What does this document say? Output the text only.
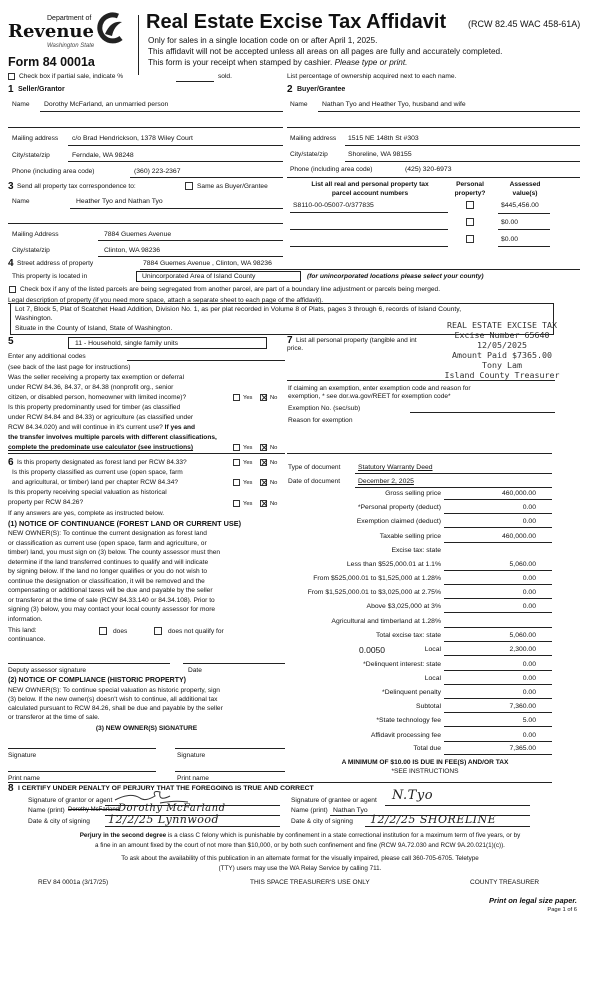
Department of
Revenue
Washington State
Form 84 0001a
Real Estate Excise Tax Affidavit (RCW 82.45 WAC 458-61A)
Only for sales in a single location code on or after April 1, 2025.
This affidavit will not be accepted unless all areas on all pages are fully and accurately completed.
This form is your receipt when stamped by cashier. Please type or print.
Check box if partial sale, indicate %	sold.	List percentage of ownership acquired next to each name.
1 Seller/Grantor
Name Dorothy McFarland, an unmarried person
Mailing address c/o Brad Hendrickson, 1378 Wiley Court
City/state/zip	Ferndale, WA 98248
Phone (including area code)	(360) 223-2367
2 Buyer/Grantee
Name Nathan Tyo and Heather Tyo, husband and wife
Mailing address 1515 NE 148th St #303
City/state/zip	Shoreline, WA 98155
Phone (including area code)	(425) 320-6973
3 Send all property tax correspondence to:	Same as Buyer/Grantee
Name	Heather Tyo and Nathan Tyo
Mailing Address	7884 Guemes Avenue
City/state/zip	Clinton, WA 98236
List all real and personal property tax
parcel account numbers
Personal
property?
Assessed
value(s)
S8110-00-05007-0/377835	$445,456.00
$0.00
$0.00
4 Street address of property	7884 Guemes Avenue , Clinton, WA 98236
This property is located in	Unincorporated Area of Island County	(for unincorporated locations please select your county)
Check box if any of the listed parcels are being segregated from another parcel, are part of a boundary line adjustment or parcels being merged.
Legal description of property (if you need more space, attach a separate sheet to each page of the affidavit).
Lot 7, Block 5, Plat of Scatchet Head Addition, Division No. 1, as per plat recorded in Volume 8 of Plats, pages 3 through 6, records of Island County,
Washington.
Situate in the County of Island, State of Washington.	REAL ESTATE EXCISE TAX
Excise Number 65640
12/05/2025
Amount Paid $7365.00
Tony Lam
Island County Treasurer
5	11 - Household, single family units
Enter any additional codes
(see back of the last page for instructions)
Was the seller receiving a property tax exemption or deferral
under RCW 84.36, 84.37, or 84.38 (nonprofit org., senior
citizen, or disabled person, homeowner with limited income)?	Yes	No
Is this property predominantly used for timber (as classified
under RCW 84.84 and 84.33) or agriculture (as classified under
RCW 84.34.020) and will continue in it's current use? If yes and
the transfer involves multiple parcels with different classifications,
complete the predominate use calculator (see instructions)	Yes	No
7 List all personal property (tangible and int
price.
If claiming an exemption, enter exemption code and reason for
exemption, * see dor.wa.gov/REET for exemption code*
Exemption No. (sec/sub)
Reason for exemption
6 Is this property designated as forest land per RCW 84.33?	Yes	No
Is this property classified as current use (open space, farm
and agricultural, or timber) land per chapter RCW 84.34?	Yes	No
Is this property receiving special valuation as historical
property per RCW 84.26?	Yes	No
If any answers are yes, complete as instructed below.
(1) NOTICE OF CONTINUANCE (FOREST LAND OR CURRENT USE)
NEW OWNER(S): To continue the current designation as forest land
or classification as current use (open space, farm and agriculture, or
timber) land, you must sign on (3) below. The county assessor must then
determine if the land transferred continues to qualify and will indicate
by signing below. If the land no longer qualifies or you do not wish to
continue the designation or classification, it will be removed and the
compensating or additional taxes will be due and payable by the seller
or transferor at the time of sale (RCW 84.33.140 or 84.34.108). Prior to
signing (3) below, you may contact your local county assessor for more
information.
This land:
continuance.
does	does not qualify for
Deputy assessor signature	Date
(2) NOTICE OF COMPLIANCE (HISTORIC PROPERTY)
NEW OWNER(S): To continue special valuation as historic property, sign
(3) below. If the new owner(s) doesn't wish to continue, all additional tax
calculated pursuant to RCW 84.26, shall be due and payable by the seller
or transferor at the time of sale.
(3) NEW OWNER(S) SIGNATURE
Signature	Signature
Print name	Print name
Type of document	Statutory Warranty Deed
Date of document	December 2, 2025
Gross selling price	460,000.00
*Personal property (deduct)	0.00
Exemption claimed (deduct)	0.00
Taxable selling price	460,000.00
Excise tax: state
Less than $525,000.01 at 1.1%	5,060.00
From $525,000.01 to $1,525,000 at 1.28%	0.00
From $1,525,000.01 to $3,025,000 at 2.75%	0.00
Above $3,025,000 at 3%	0.00
Agricultural and timberland at 1.28%
Total excise tax: state	5,060.00
Local	2,300.00
*Delinquent interest: state	0.00
Local	0.00
*Delinquent penalty	0.00
Subtotal	7,360.00
*State technology fee	5.00
Affidavit processing fee	0.00
Total due	7,365.00
0.0050
A MINIMUM OF $10.00 IS DUE IN FEE(S) AND/OR TAX
*SEE INSTRUCTIONS
8 I CERTIFY UNDER PENALTY OF PERJURY THAT THE FOREGOING IS TRUE AND CORRECT
Signature of grantor or agent
Name (print) Dorothy McFarland
Dorothy McFarland
Date & city of signing 12/2/25 Lynnwood
Signature of grantee or agent N.Tyo
Name (print) Nathan Tyo
Date & city of signing 12/2/25 SHORELINE
Perjury in the second degree is a class C felony which is punishable by confinement in a state correctional institution for a maximum term of five years, or by
a fine in an amount fixed by the court of not more than $10,000, or by both such confinement and fine (RCW 9A.72.030 and RCW 9A.20.021(1)(c)).
To ask about the availability of this publication in an alternate format for the visually impaired, please call 360-705-6705. Teletype
(TTY) users may use the WA Relay Service by calling 711.
REV 84 0001a (3/17/25)	THIS SPACE TREASURER'S USE ONLY	COUNTY TREASURER
Print on legal size paper.
Page 1 of 6
